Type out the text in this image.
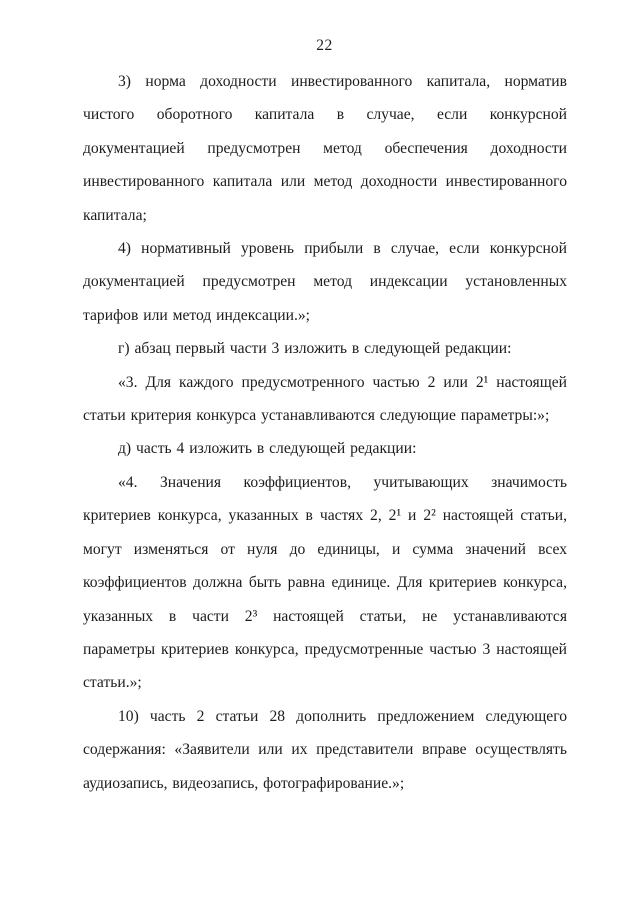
22

3) норма доходности инвестированного капитала, норматив чистого оборотного капитала в случае, если конкурсной документацией предусмотрен метод обеспечения доходности инвестированного капитала или метод доходности инвестированного капитала;

4) нормативный уровень прибыли в случае, если конкурсной документацией предусмотрен метод индексации установленных тарифов или метод индексации.»;

г) абзац первый части 3 изложить в следующей редакции:

«3. Для каждого предусмотренного частью 2 или 2¹ настоящей статьи критерия конкурса устанавливаются следующие параметры:»;

д) часть 4 изложить в следующей редакции:

«4. Значения коэффициентов, учитывающих значимость критериев конкурса, указанных в частях 2, 2¹ и 2² настоящей статьи, могут изменяться от нуля до единицы, и сумма значений всех коэффициентов должна быть равна единице. Для критериев конкурса, указанных в части 2³ настоящей статьи, не устанавливаются параметры критериев конкурса, предусмотренные частью 3 настоящей статьи.»;

10) часть 2 статьи 28 дополнить предложением следующего содержания: «Заявители или их представители вправе осуществлять аудиозапись, видеозапись, фотографирование.»;
